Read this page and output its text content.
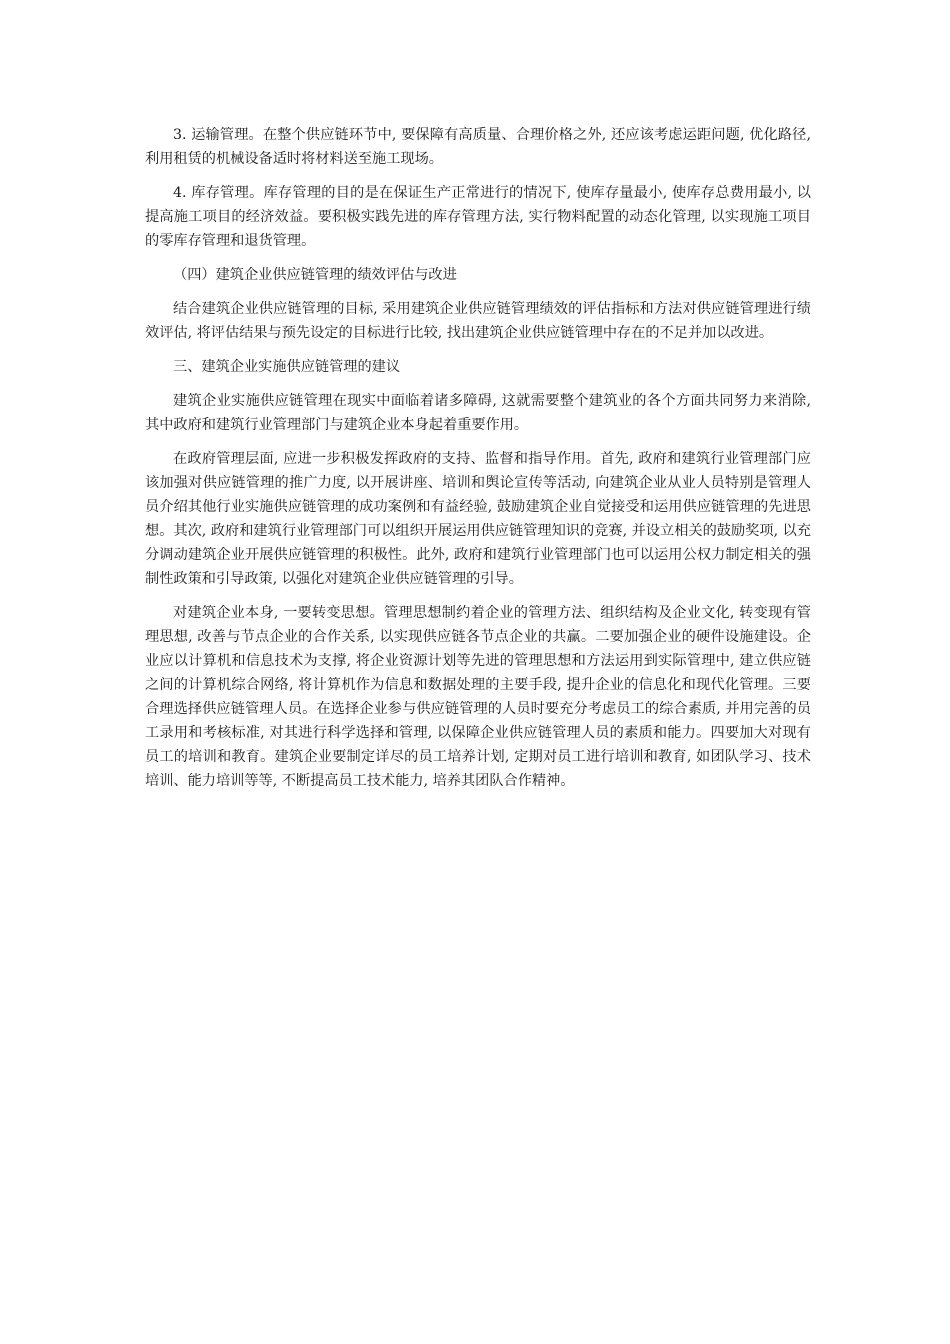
3. 运输管理。在整个供应链环节中, 要保障有高质量、合理价格之外, 还应该考虑运距问题, 优化路径, 利用租赁的机械设备适时将材料送至施工现场。

4. 库存管理。库存管理的目的是在保证生产正常进行的情况下, 使库存量最小, 使库存总费用最小, 以提高施工项目的经济效益。要积极实践先进的库存管理方法, 实行物料配置的动态化管理, 以实现施工项目的零库存管理和退货管理。

（四）建筑企业供应链管理的绩效评估与改进

结合建筑企业供应链管理的目标, 采用建筑企业供应链管理绩效的评估指标和方法对供应链管理进行绩效评估, 将评估结果与预先设定的目标进行比较, 找出建筑企业供应链管理中存在的不足并加以改进。

三、建筑企业实施供应链管理的建议

建筑企业实施供应链管理在现实中面临着诸多障碍, 这就需要整个建筑业的各个方面共同努力来消除, 其中政府和建筑行业管理部门与建筑企业本身起着重要作用。

在政府管理层面, 应进一步积极发挥政府的支持、监督和指导作用。首先, 政府和建筑行业管理部门应该加强对供应链管理的推广力度, 以开展讲座、培训和舆论宣传等活动, 向建筑企业从业人员特别是管理人员介绍其他行业实施供应链管理的成功案例和有益经验, 鼓励建筑企业自觉接受和运用供应链管理的先进思想。其次, 政府和建筑行业管理部门可以组织开展运用供应链管理知识的竞赛, 并设立相关的鼓励奖项, 以充分调动建筑企业开展供应链管理的积极性。此外, 政府和建筑行业管理部门也可以运用公权力制定相关的强制性政策和引导政策, 以强化对建筑企业供应链管理的引导。

对建筑企业本身, 一要转变思想。管理思想制约着企业的管理方法、组织结构及企业文化, 转变现有管理思想, 改善与节点企业的合作关系, 以实现供应链各节点企业的共赢。二要加强企业的硬件设施建设。企业应以计算机和信息技术为支撑, 将企业资源计划等先进的管理思想和方法运用到实际管理中, 建立供应链之间的计算机综合网络, 将计算机作为信息和数据处理的主要手段, 提升企业的信息化和现代化管理。三要合理选择供应链管理人员。在选择企业参与供应链管理的人员时要充分考虑员工的综合素质, 并用完善的员工录用和考核标准, 对其进行科学选择和管理, 以保障企业供应链管理人员的素质和能力。四要加大对现有员工的培训和教育。建筑企业要制定详尽的员工培养计划, 定期对员工进行培训和教育, 如团队学习、技术培训、能力培训等等, 不断提高员工技术能力, 培养其团队合作精神。
